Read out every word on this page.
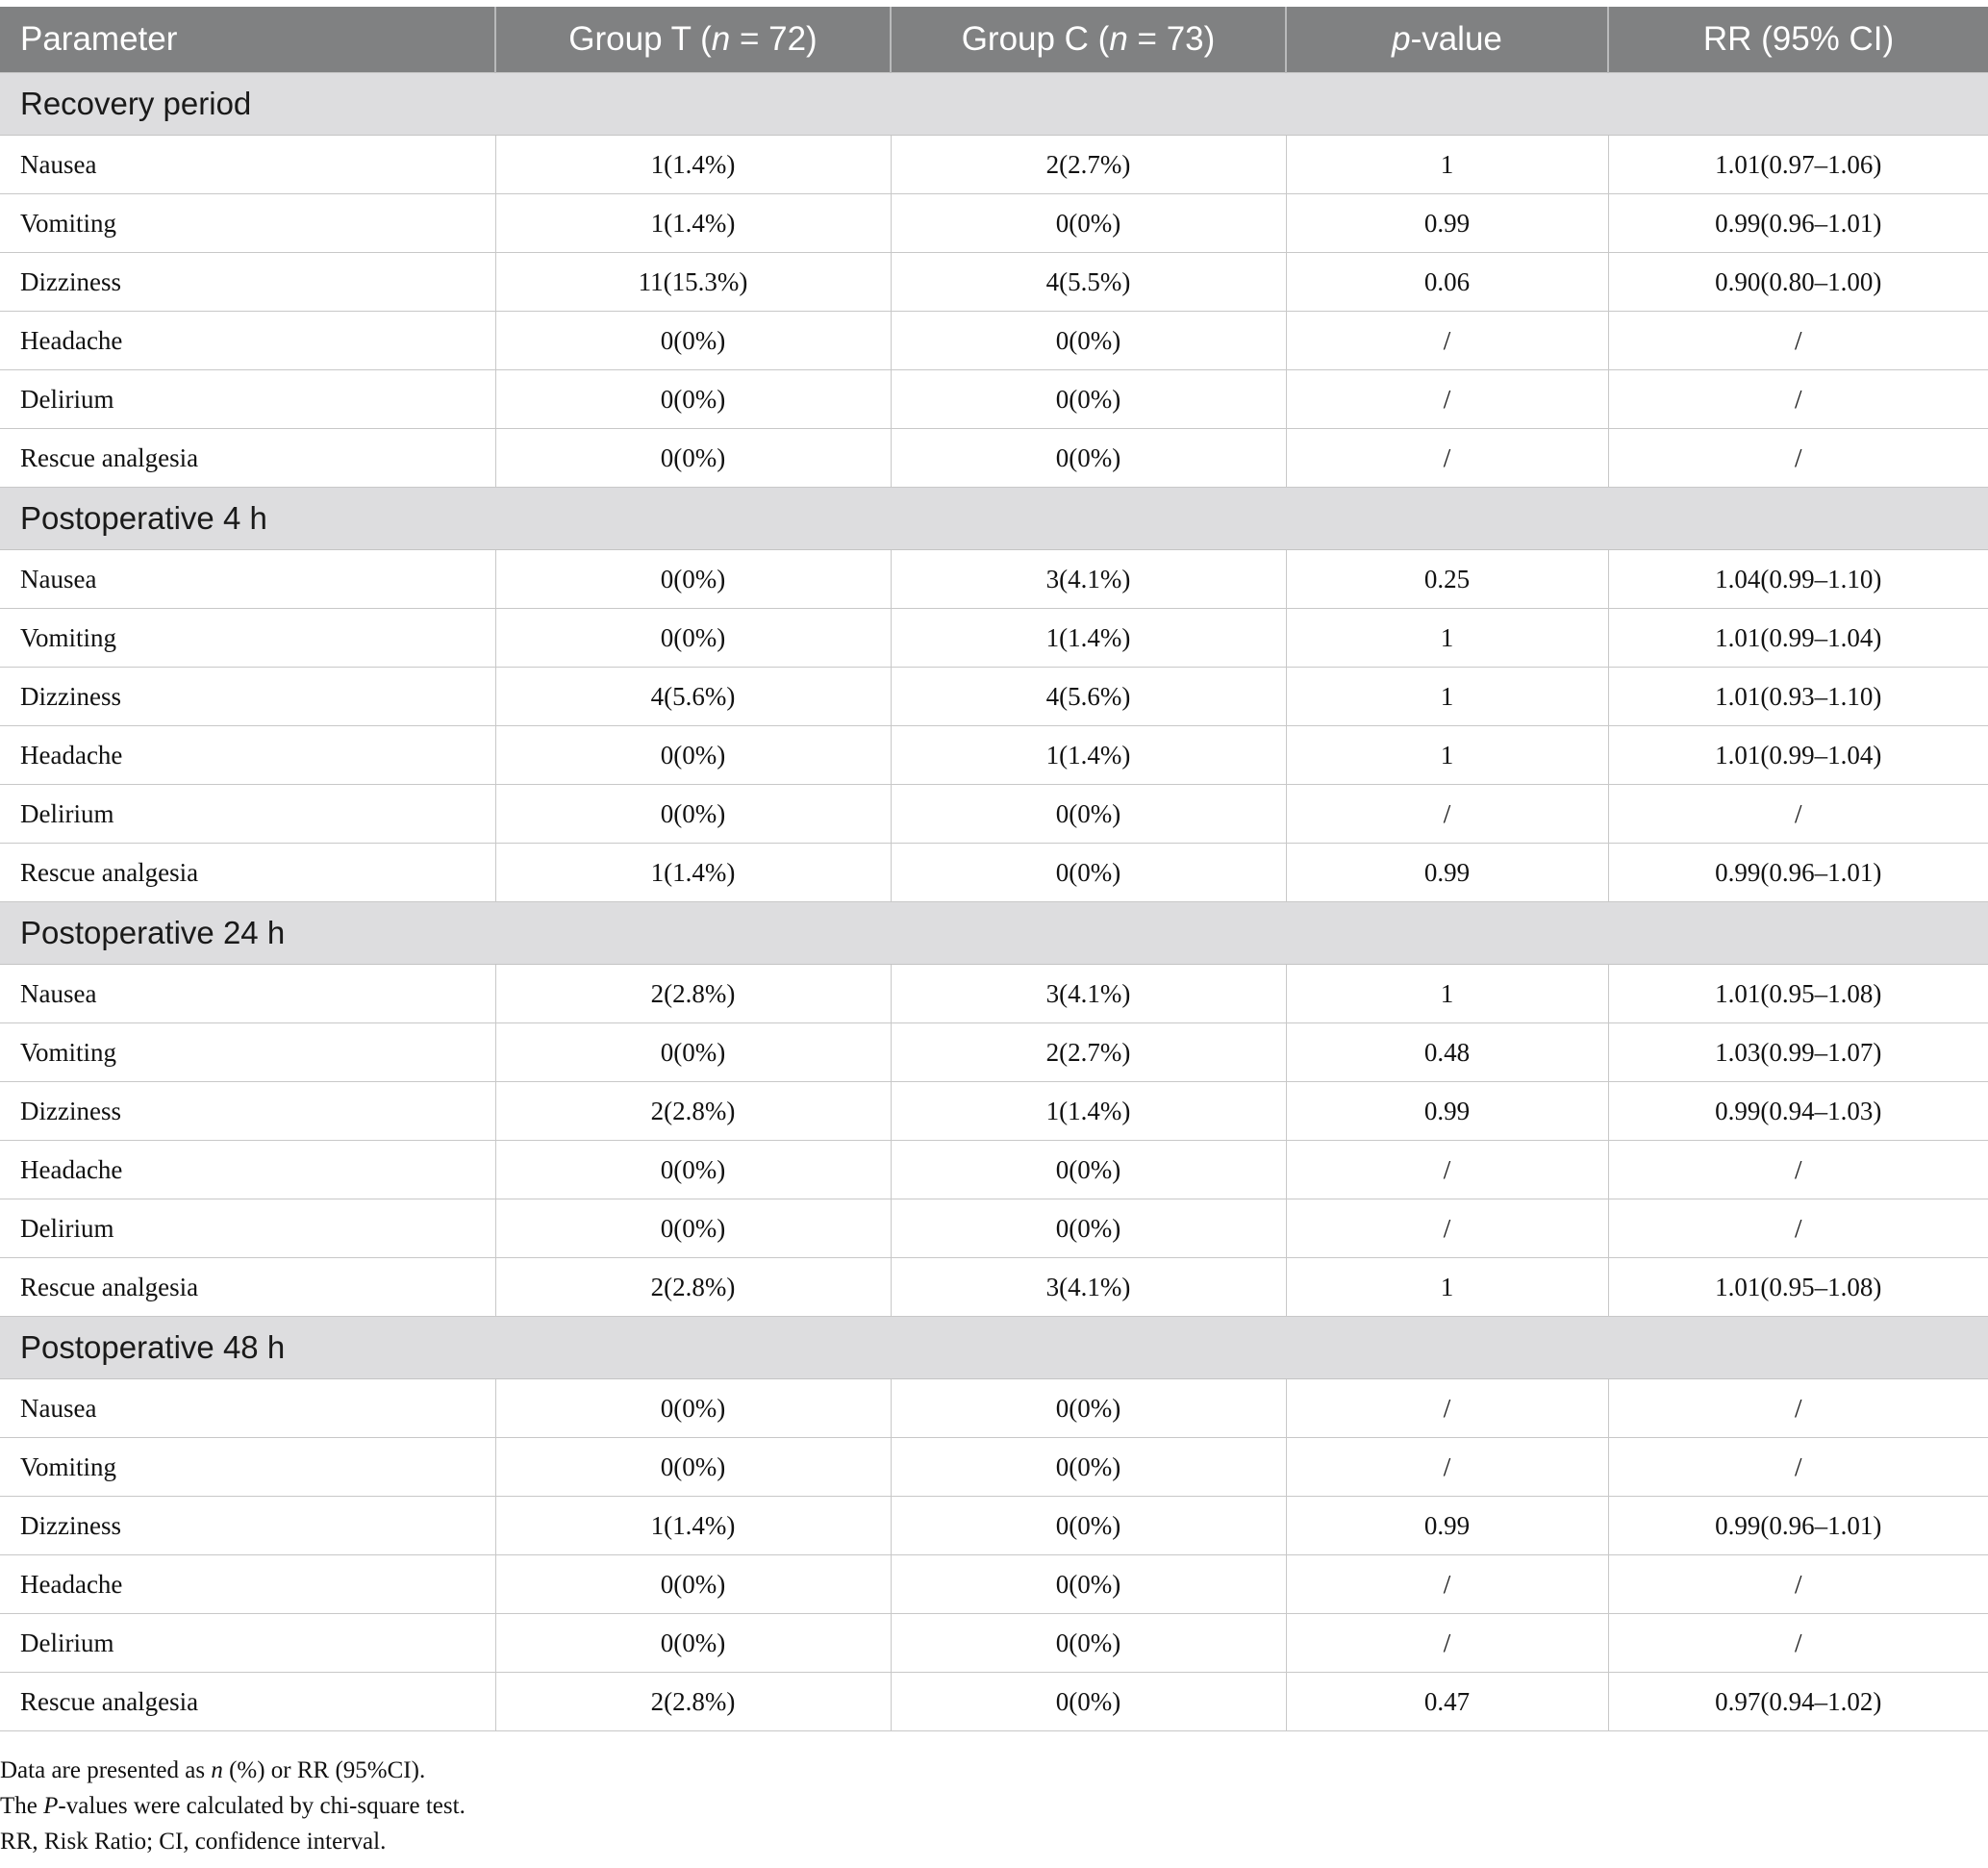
Parameter	Group T (n = 72)	Group C (n = 73)	p-value	RR (95% CI)
Recovery period				
Nausea	1(1.4%)	2(2.7%)	1	1.01(0.97–1.06)
Vomiting	1(1.4%)	0(0%)	0.99	0.99(0.96–1.01)
Dizziness	11(15.3%)	4(5.5%)	0.06	0.90(0.80–1.00)
Headache	0(0%)	0(0%)	/	/
Delirium	0(0%)	0(0%)	/	/
Rescue analgesia	0(0%)	0(0%)	/	/
Postoperative 4 h				
Nausea	0(0%)	3(4.1%)	0.25	1.04(0.99–1.10)
Vomiting	0(0%)	1(1.4%)	1	1.01(0.99–1.04)
Dizziness	4(5.6%)	4(5.6%)	1	1.01(0.93–1.10)
Headache	0(0%)	1(1.4%)	1	1.01(0.99–1.04)
Delirium	0(0%)	0(0%)	/	/
Rescue analgesia	1(1.4%)	0(0%)	0.99	0.99(0.96–1.01)
Postoperative 24 h				
Nausea	2(2.8%)	3(4.1%)	1	1.01(0.95–1.08)
Vomiting	0(0%)	2(2.7%)	0.48	1.03(0.99–1.07)
Dizziness	2(2.8%)	1(1.4%)	0.99	0.99(0.94–1.03)
Headache	0(0%)	0(0%)	/	/
Delirium	0(0%)	0(0%)	/	/
Rescue analgesia	2(2.8%)	3(4.1%)	1	1.01(0.95–1.08)
Postoperative 48 h				
Nausea	0(0%)	0(0%)	/	/
Vomiting	0(0%)	0(0%)	/	/
Dizziness	1(1.4%)	0(0%)	0.99	0.99(0.96–1.01)
Headache	0(0%)	0(0%)	/	/
Delirium	0(0%)	0(0%)	/	/
Rescue analgesia	2(2.8%)	0(0%)	0.47	0.97(0.94–1.02)
Data are presented as n (%) or RR (95%CI).
The P-values were calculated by chi-square test.
RR, Risk Ratio; CI, confidence interval.
